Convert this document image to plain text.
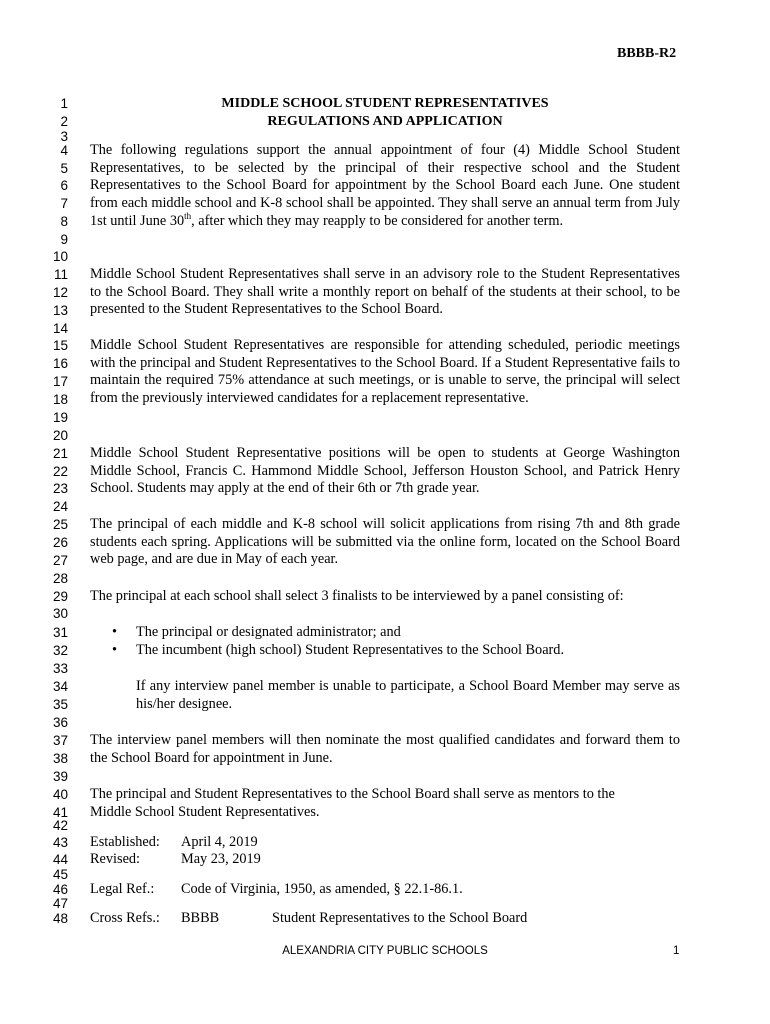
BBBB-R2
1
2
3
4
5
6
7
8
9
10
11
12
13
14
15
16
17
18
19
20
21
22
23
24
25
26
27
28
29
30
31
32
33
34
35
36
37
38
39
40
41
42
43
44
45
46
47
48
MIDDLE SCHOOL STUDENT REPRESENTATIVES
REGULATIONS AND APPLICATION
The following regulations support the annual appointment of four (4) Middle School Student Representatives, to be selected by the principal of their respective school and the Student Representatives to the School Board for appointment by the School Board each June. One student from each middle school and K-8 school shall be appointed. They shall serve an annual term from July 1st until June 30th, after which they may reapply to be considered for another term.
Middle School Student Representatives shall serve in an advisory role to the Student Representatives to the School Board. They shall write a monthly report on behalf of the students at their school, to be presented to the Student Representatives to the School Board.
Middle School Student Representatives are responsible for attending scheduled, periodic meetings with the principal and Student Representatives to the School Board. If a Student Representative fails to maintain the required 75% attendance at such meetings, or is unable to serve, the principal will select from the previously interviewed candidates for a replacement representative.
Middle School Student Representative positions will be open to students at George Washington Middle School, Francis C. Hammond Middle School, Jefferson Houston School, and Patrick Henry School. Students may apply at the end of their 6th or 7th grade year.
The principal of each middle and K-8 school will solicit applications from rising 7th and 8th grade students each spring. Applications will be submitted via the online form, located on the School Board web page, and are due in May of each year.
The principal at each school shall select 3 finalists to be interviewed by a panel consisting of:
• The principal or designated administrator; and
• The incumbent (high school) Student Representatives to the School Board.
If any interview panel member is unable to participate, a School Board Member may serve as his/her designee.
The interview panel members will then nominate the most qualified candidates and forward them to the School Board for appointment in June.
The principal and Student Representatives to the School Board shall serve as mentors to the
Middle School Student Representatives.
Established: April 4, 2019
Revised:	May 23, 2019
Legal Ref.: Code of Virginia, 1950, as amended, § 22.1-86.1.
Cross Refs.: BBBB	Student Representatives to the School Board
ALEXANDRIA CITY PUBLIC SCHOOLS	1
